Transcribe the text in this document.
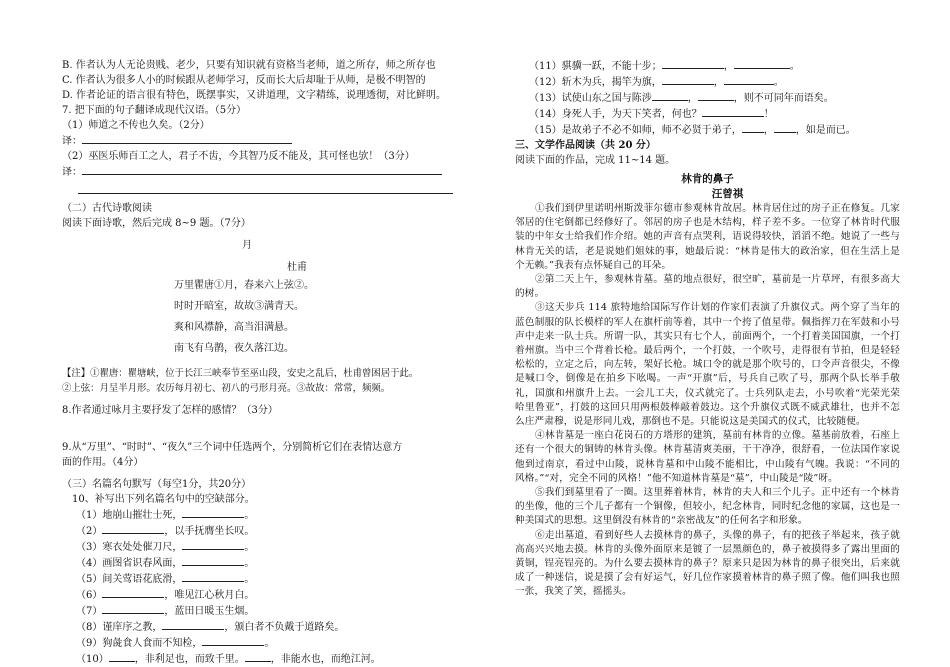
B. 作者认为人无论贵贱、老少，只要有知识就有资格当老师，道之所存，师之所存也
C. 作者认为很多人小的时候跟从老师学习，反而长大后却耻于从师，是极不明智的
D. 作者论证的语言很有特色，既摆事实，又讲道理，文字精练，说理透彻，对比鲜明。
7. 把下面的句子翻译成现代汉语。（5分）
（1）师道之不传也久矣。（2分）
译：
（2）巫医乐师百工之人，君子不齿，今其智乃反不能及，其可怪也欤！（3分）
译：
（二）古代诗歌阅读
阅读下面诗歌，然后完成 8~9 题。（7分）
月
杜甫
万里瞿唐①月，春来六上弦②。
时时开暗室，故故③满青天。
爽和风襟静，高当泪满悬。
南飞有乌鹊，夜久落江边。
【注】①瞿唐：瞿塘峡，位于长江三峡奉节至巫山段，安史之乱后，杜甫曾困居于此。
②上弦：月呈半月形。农历每月初七、初八的弓形月亮。③故故：常常，频频。
8.作者通过咏月主要抒发了怎样的感情？（3分）
9.从“万里”、“时时”、“夜久”三个词中任选两个，分别简析它们在表情达意方
面的作用。（4分）
（三）名篇名句默写（每空1分，共20分）
10、补写出下列名篇名句中的空缺部分。
（1）地崩山摧壮士死，	。
（2）	，以手抚膺坐长叹。
（3）寒衣处处催刀尺，	。
（4）画图省识春风面，	。
（5）间关莺语花底滑，	。
（6）	，唯见江心秋月白。
（7）	，蓝田日暖玉生烟。
（8）谨庠序之教，	，颁白者不负戴于道路矣。
（9）狗彘食人食而不知检，	。
（10）	，非利足也，而致千里。	，非能水也，而绝江河。
（11）骐骥一跃，不能十步；	，	。
（12）斩木为兵，揭竿为旗，	，	。
（13）试使山东之国与陈涉	，	，则不可同年而语矣。
（14）身死人手，为天下笑者，何也？	！
（15）是故弟子不必不如师，师不必贤于弟子， ， ，如是而已。
三、文学作品阅读（共 20 分）
阅读下面的作品，完成 11~14 题。
林肯的鼻子
汪曾祺
①我们到伊里诺明州斯泼菲尔德市参观林肯故居。林肯居住过的房子正在修复。几家邻居的住宅倒都已经修好了。邻居的房子也是木结构，样子差不多。一位穿了林肯时代服装的中年女士给我们作介绍。她的声音有点哭利，语说得较快，滔滔不绝。她说了一些与林肯无关的话，老是说她们姐妹的事，她最后说：“林肯是伟大的政治家，但在生活上是个无赖。”我表有点怀疑自己的耳朵。
②第二天上午，参观林肯墓。墓的地点很好，很空旷，墓前是一片草坪，有很多高大的树。
③这天步兵 114 旅特地给国际写作计划的作家们表演了升旗仪式。两个穿了当年的蓝色制服的队长模样的军人在旗杆前等着，其中一个挎了值星带。佩指挥刀在军鼓和小号声中走来一队士兵。所谓一队，其实只有七个人，前面两个，一个打着美国国旗，一个打着州旗。当中三个背着长枪。最后两个，一个打鼓，一个吹号，走得很有节拍，但是轻轻松松的，立定之后，向左转，架好长枪。城口令的就是那个吹号的，口令声音很尖，不像是喊口令，倒像是在拍乡下吆喝。一声“开旗”后，号兵自己吹了号，那两个队长举手敬礼，国旗和州旗升上去。一会儿工夫，仪式就完了。士兵列队走去，小号吹着“光荣光荣哈里鲁亚”，打鼓的这回只用两根鼓棒敲着鼓边。这个升旗仪式既不威武雄壮，也并不怎么庄严肃穆，说是形同儿戏，那倒也不是。只能说这是美国式的仪式，比较随便。
④林肯墓是一座白花岗石的方塔形的建筑，墓前有林肯的立像。墓基前放着，石座上还有一个很大的铜铸的林肯头像。林肯墓清爽美丽，干干净净，很舒看，一位法国作家说他到过南京，看过中山陵，说林肯墓和中山陵不能相比，中山陵有气魄。我说：“不同的风格。”“对，完全不同的风格！”他不知道林肯墓是“墓”，中山陵是“陵”呀。
⑤我们到墓里看了一圈。这里葬着林肯，林肯的夫人和三个儿子。正中还有一个林肯的坐像，他的三个儿子都有一个铜像，但较小，纪念林肯，同时纪念他的家属，这也是一种美国式的思想。这里倒没有林肯的“亲密战友”的任何名字和形象。
⑥走出墓道，看到好些人去摸林肯的鼻子，头像的鼻子，有的把孩子举起来，孩子就高高兴兴地去摸。林肯的头像外面原来是镀了一层黑颜色的，鼻子被摸得多了露出里面的黄铜，锃亮锃亮的。为什么要去摸林肯的鼻子？原来只是因为林肯的鼻子很突出，后来就成了一种迷信，说是摸了会有好运气，好几位作家摸着林肯的鼻子照了像。他们叫我也照一张，我笑了笑，摇摇头。
